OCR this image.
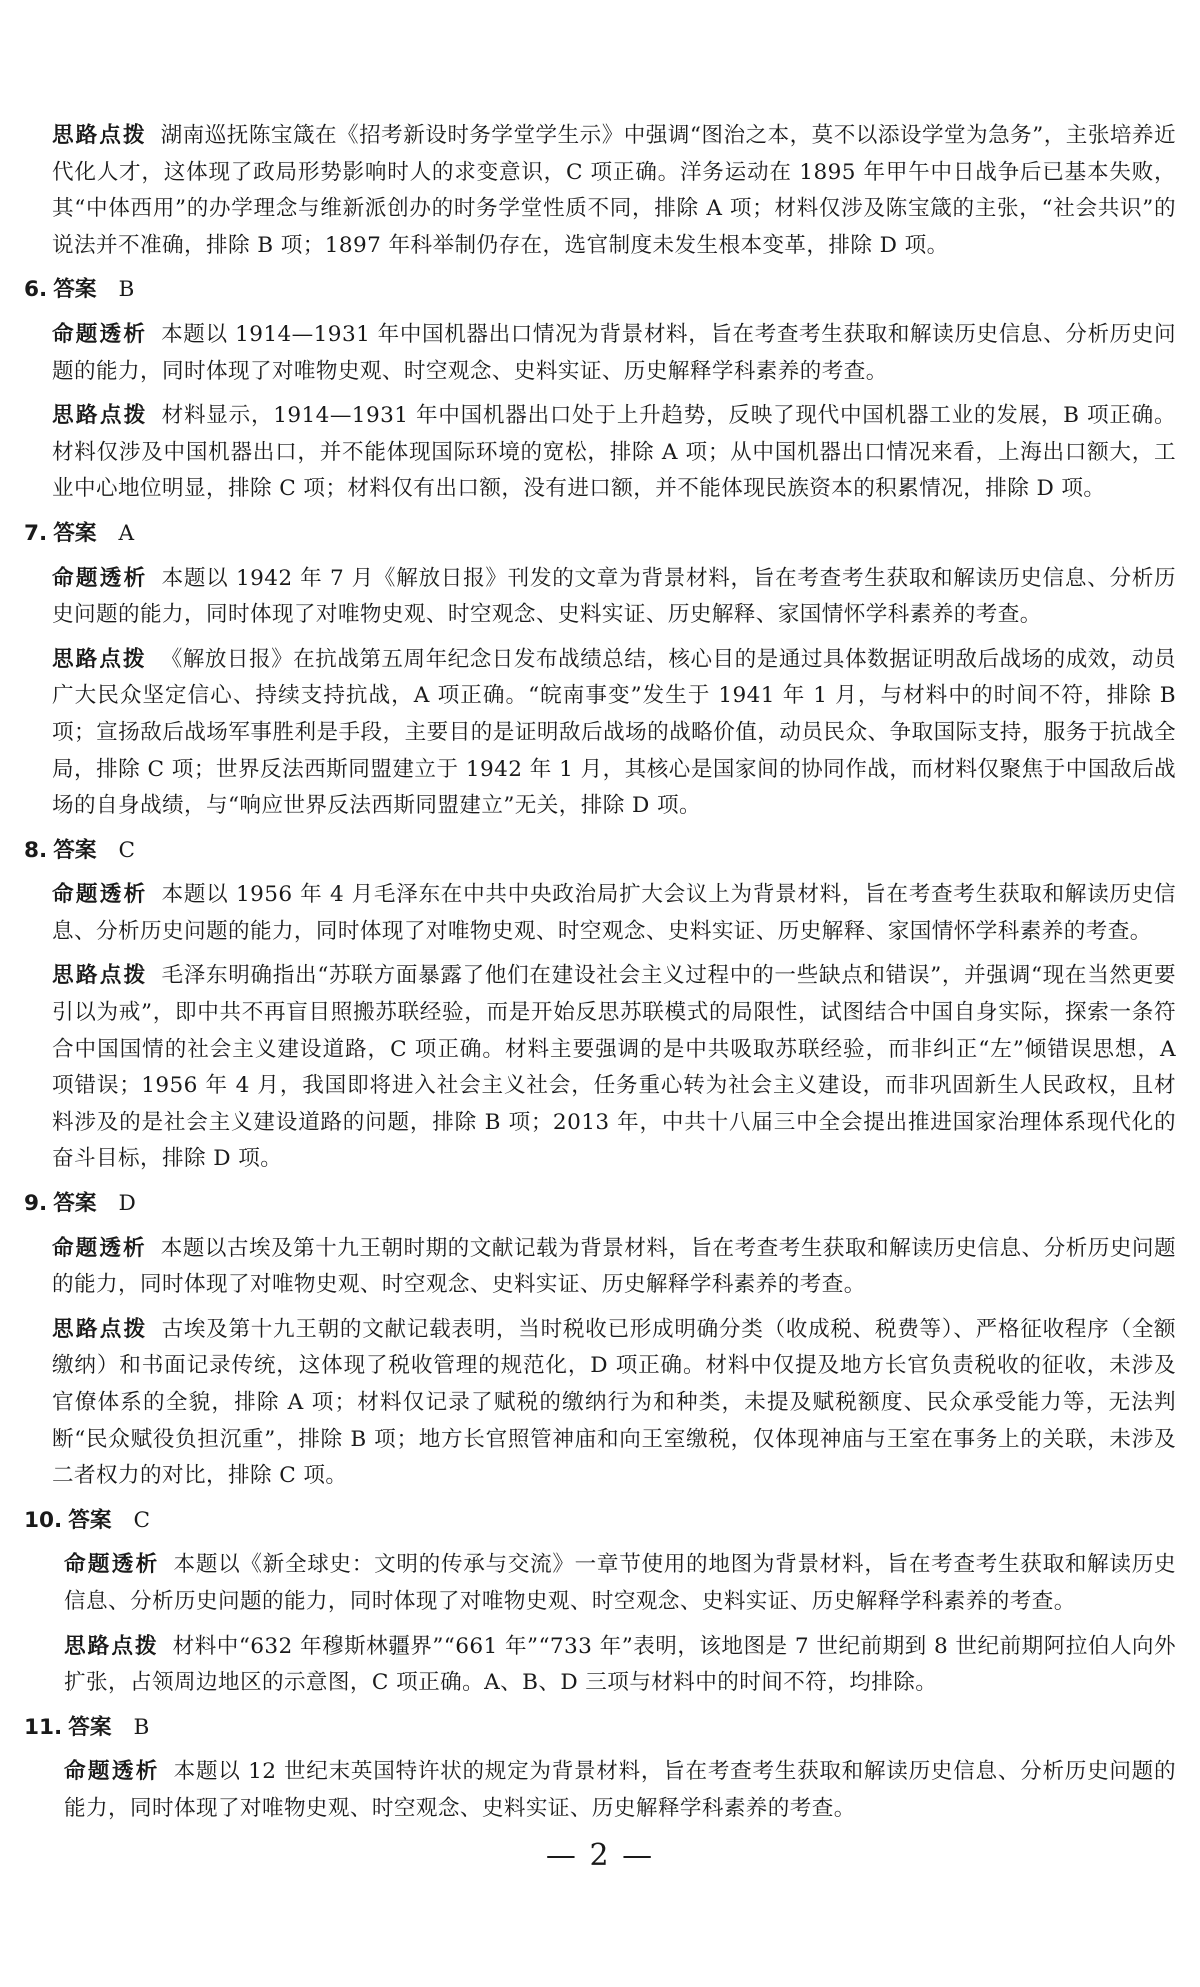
思路点拨 湖南巡抚陈宝箴在《招考新设时务学堂学生示》中强调“图治之本，莫不以添设学堂为急务”，主张培养近代化人才，这体现了政局形势影响时人的求变意识，C 项正确。洋务运动在 1895 年甲午中日战争后已基本失败，其“中体西用”的办学理念与维新派创办的时务学堂性质不同，排除 A 项；材料仅涉及陈宝箴的主张，“社会共识”的说法并不准确，排除 B 项；1897 年科举制仍存在，选官制度未发生根本变革，排除 D 项。

6. 答案 B

命题透析 本题以 1914—1931 年中国机器出口情况为背景材料，旨在考查考生获取和解读历史信息、分析历史问题的能力，同时体现了对唯物史观、时空观念、史料实证、历史解释学科素养的考查。

思路点拨 材料显示，1914—1931 年中国机器出口处于上升趋势，反映了现代中国机器工业的发展，B 项正确。材料仅涉及中国机器出口，并不能体现国际环境的宽松，排除 A 项；从中国机器出口情况来看，上海出口额大，工业中心地位明显，排除 C 项；材料仅有出口额，没有进口额，并不能体现民族资本的积累情况，排除 D 项。

7. 答案 A

命题透析 本题以 1942 年 7 月《解放日报》刊发的文章为背景材料，旨在考查考生获取和解读历史信息、分析历史问题的能力，同时体现了对唯物史观、时空观念、史料实证、历史解释、家国情怀学科素养的考查。

思路点拨 《解放日报》在抗战第五周年纪念日发布战绩总结，核心目的是通过具体数据证明敌后战场的成效，动员广大民众坚定信心、持续支持抗战，A 项正确。“皖南事变”发生于 1941 年 1 月，与材料中的时间不符，排除 B 项；宣扬敌后战场军事胜利是手段，主要目的是证明敌后战场的战略价值，动员民众、争取国际支持，服务于抗战全局，排除 C 项；世界反法西斯同盟建立于 1942 年 1 月，其核心是国家间的协同作战，而材料仅聚焦于中国敌后战场的自身战绩，与“响应世界反法西斯同盟建立”无关，排除 D 项。

8. 答案 C

命题透析 本题以 1956 年 4 月毛泽东在中共中央政治局扩大会议上为背景材料，旨在考查考生获取和解读历史信息、分析历史问题的能力，同时体现了对唯物史观、时空观念、史料实证、历史解释、家国情怀学科素养的考查。

思路点拨 毛泽东明确指出“苏联方面暴露了他们在建设社会主义过程中的一些缺点和错误”，并强调“现在当然更要引以为戒”，即中共不再盲目照搬苏联经验，而是开始反思苏联模式的局限性，试图结合中国自身实际，探索一条符合中国国情的社会主义建设道路，C 项正确。材料主要强调的是中共吸取苏联经验，而非纠正“左”倾错误思想，A 项错误；1956 年 4 月，我国即将进入社会主义社会，任务重心转为社会主义建设，而非巩固新生人民政权，且材料涉及的是社会主义建设道路的问题，排除 B 项；2013 年，中共十八届三中全会提出推进国家治理体系现代化的奋斗目标，排除 D 项。

9. 答案 D

命题透析 本题以古埃及第十九王朝时期的文献记载为背景材料，旨在考查考生获取和解读历史信息、分析历史问题的能力，同时体现了对唯物史观、时空观念、史料实证、历史解释学科素养的考查。

思路点拨 古埃及第十九王朝的文献记载表明，当时税收已形成明确分类（收成税、税费等）、严格征收程序（全额缴纳）和书面记录传统，这体现了税收管理的规范化，D 项正确。材料中仅提及地方长官负责税收的征收，未涉及官僚体系的全貌，排除 A 项；材料仅记录了赋税的缴纳行为和种类，未提及赋税额度、民众承受能力等，无法判断“民众赋役负担沉重”，排除 B 项；地方长官照管神庙和向王室缴税，仅体现神庙与王室在事务上的关联，未涉及二者权力的对比，排除 C 项。

10. 答案 C

命题透析 本题以《新全球史：文明的传承与交流》一章节使用的地图为背景材料，旨在考查考生获取和解读历史信息、分析历史问题的能力，同时体现了对唯物史观、时空观念、史料实证、历史解释学科素养的考查。

思路点拨 材料中“632 年穆斯林疆界”“661 年”“733 年”表明，该地图是 7 世纪前期到 8 世纪前期阿拉伯人向外扩张，占领周边地区的示意图，C 项正确。A、B、D 三项与材料中的时间不符，均排除。

11. 答案 B

命题透析 本题以 12 世纪末英国特许状的规定为背景材料，旨在考查考生获取和解读历史信息、分析历史问题的能力，同时体现了对唯物史观、时空观念、史料实证、历史解释学科素养的考查。

— 2 —
